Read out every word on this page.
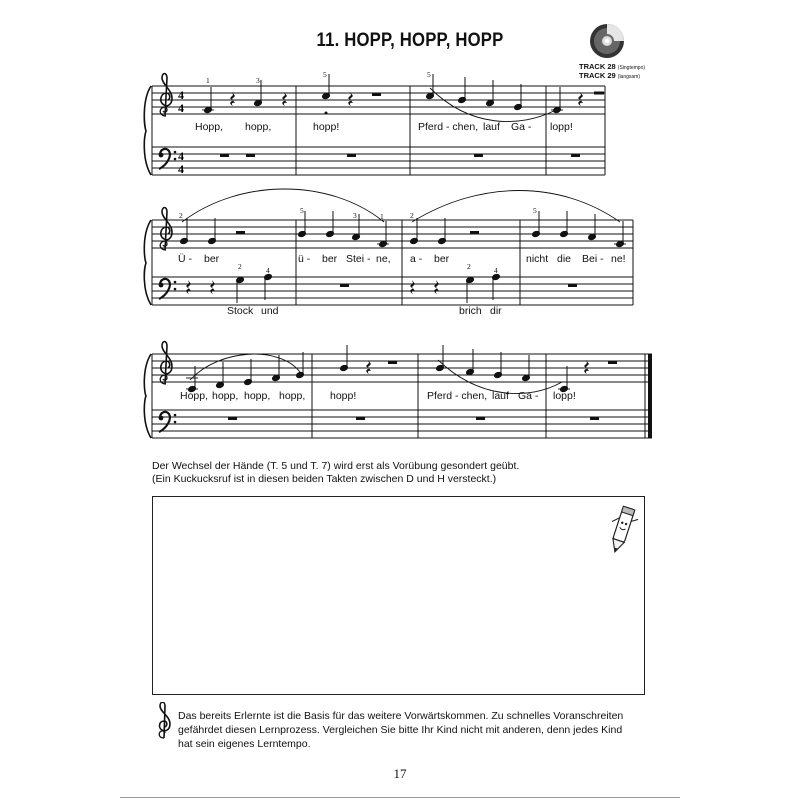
11. HOPP, HOPP, HOPP
TRACK 28 (Singtempo)
TRACK 29 (langsam)
4
4
4
4
1	3
5	5
Hopp, hopp,	hopp!	Pferd - chen, lauf Ga - lopp!
2
5
3	1	2
5
2	4	2	4
Ü - ber	ü - ber Stei - ne, a - ber	nicht die Bei - ne!
Stock und	brich dir
Hopp, hopp, hopp, hopp, hopp!	Pferd - chen, lauf Ga - lopp!
Der Wechsel der Hände (T. 5 und T. 7) wird erst als Vorübung gesondert geübt.
(Ein Kuckucksruf ist in diesen beiden Takten zwischen D und H versteckt.)
Das bereits Erlernte ist die Basis für das weitere Vorwärtskommen. Zu schnelles Voranschreiten
gefährdet diesen Lernprozess. Vergleichen Sie bitte Ihr Kind nicht mit anderen, denn jedes Kind
hat sein eigenes Lerntempo.
17
